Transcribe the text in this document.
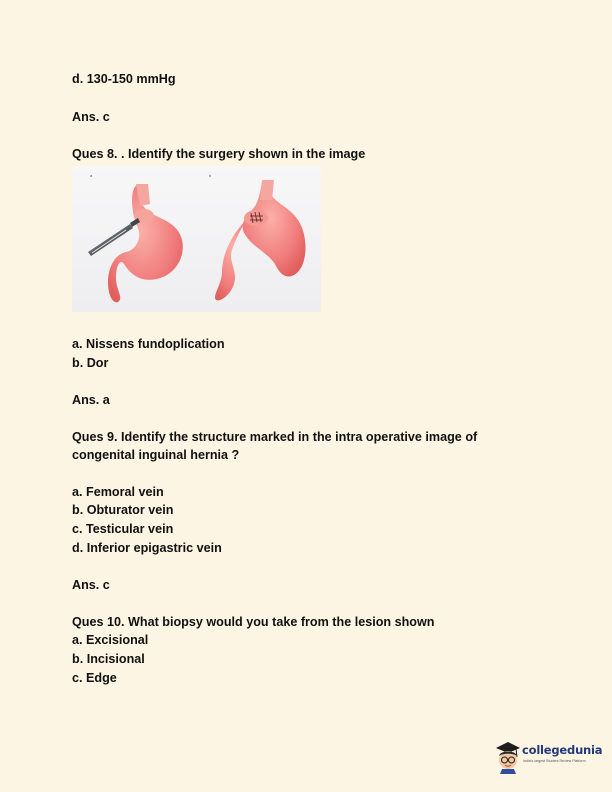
d. 130-150 mmHg
Ans. c
Ques 8. . Identify the surgery shown in the image
a	b
a. Nissens fundoplication
b. Dor
Ans. a
Ques 9. Identify the structure marked in the intra operative image of
congenital inguinal hernia ?
a. Femoral vein
b. Obturator vein
c. Testicular vein
d. Inferior epigastric vein
Ans. c
Ques 10. What biopsy would you take from the lesion shown
a. Excisional
b. Incisional
c. Edge
collegedunia
India's largest Student Review Platform
